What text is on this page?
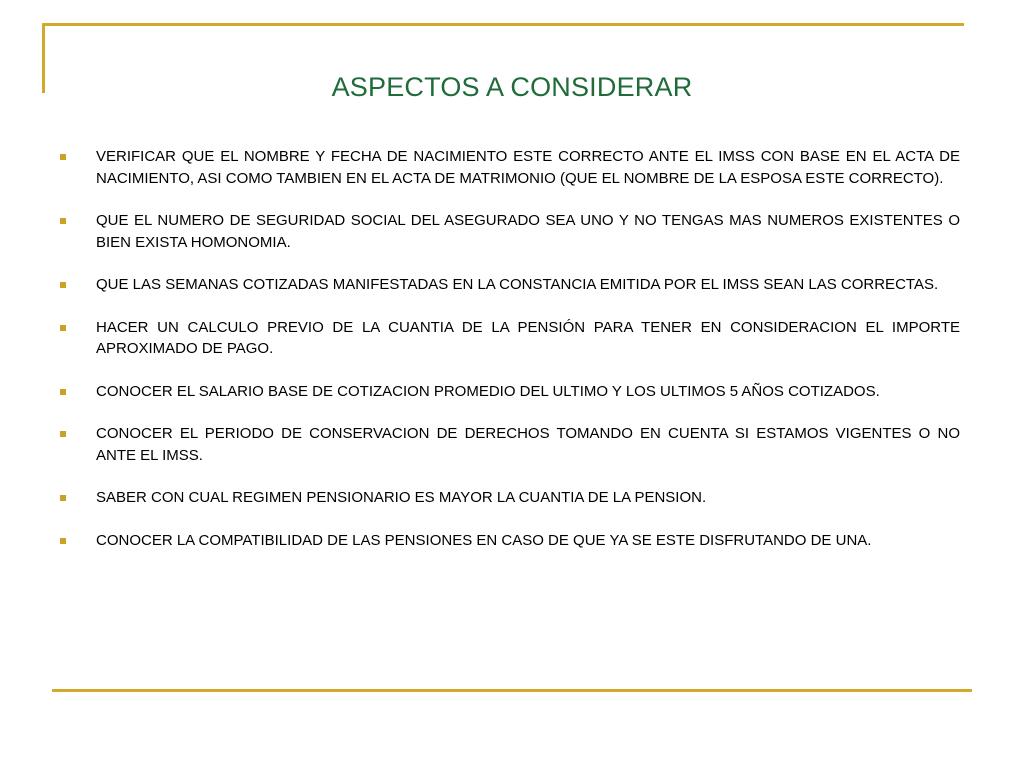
ASPECTOS A CONSIDERAR
VERIFICAR QUE EL NOMBRE Y FECHA DE NACIMIENTO ESTE CORRECTO ANTE EL IMSS CON BASE EN EL ACTA DE NACIMIENTO, ASI COMO TAMBIEN EN EL ACTA DE MATRIMONIO (QUE EL NOMBRE DE LA ESPOSA ESTE CORRECTO).
QUE EL NUMERO DE SEGURIDAD SOCIAL DEL ASEGURADO SEA UNO Y NO TENGAS MAS NUMEROS EXISTENTES O BIEN EXISTA HOMONOMIA.
QUE LAS SEMANAS COTIZADAS MANIFESTADAS EN LA CONSTANCIA EMITIDA POR EL IMSS SEAN LAS CORRECTAS.
HACER UN CALCULO PREVIO DE LA CUANTIA DE LA PENSIÓN PARA TENER EN CONSIDERACION EL IMPORTE APROXIMADO DE PAGO.
CONOCER EL SALARIO BASE DE COTIZACION PROMEDIO DEL ULTIMO Y LOS ULTIMOS 5 AÑOS COTIZADOS.
CONOCER EL PERIODO DE CONSERVACION DE DERECHOS TOMANDO EN CUENTA SI ESTAMOS VIGENTES O NO ANTE EL IMSS.
SABER CON CUAL REGIMEN PENSIONARIO ES MAYOR LA CUANTIA DE LA PENSION.
CONOCER LA COMPATIBILIDAD DE LAS PENSIONES EN CASO DE QUE YA SE ESTE DISFRUTANDO DE UNA.
